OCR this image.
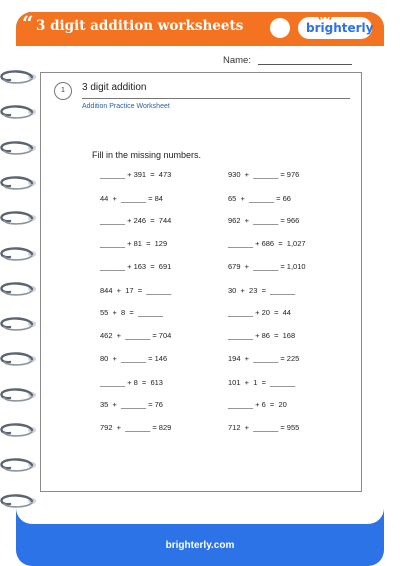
“ 3 digit addition worksheets	brighterly
Name:
1	3 digit addition
Addition Practice Worksheet
Fill in the missing numbers.
______ + 391  =  473
44  +  ______ = 84
______ + 246  =  744
______ + 81  =  129
______ + 163  =  691
844  +  17  =  ______
55  +  8  =  ______
462  +  ______ = 704
80  +  ______ = 146
______ + 8  =  613
35  +  ______ = 76
792  +  ______ = 829
930  +  ______ = 976
65  +  ______ = 66
962  +  ______ = 966
______ + 686  =  1,027
679  +  ______ = 1,010
30  +  23  =  ______
______ + 20  =  44
______ + 86  =  168
194  +  ______ = 225
101  +  1  =  ______
______ + 6  =  20
712  +  ______ = 955
brighterly.com
